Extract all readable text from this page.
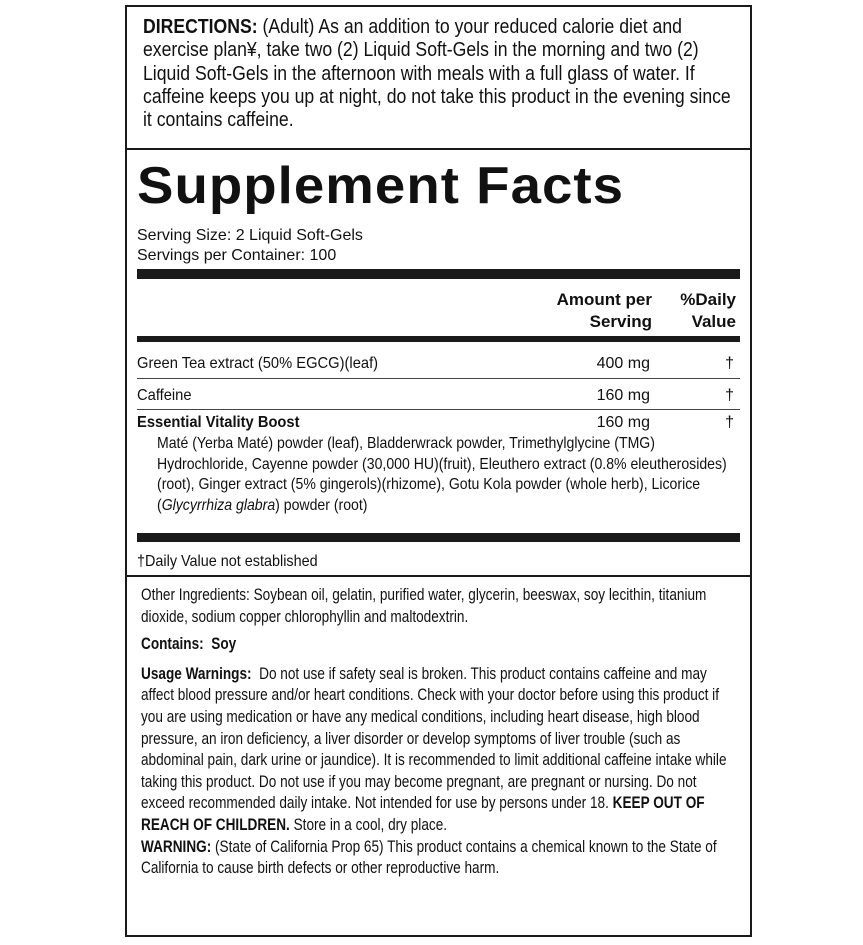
DIRECTIONS: (Adult) As an addition to your reduced calorie diet and exercise plan¥, take two (2) Liquid Soft-Gels in the morning and two (2) Liquid Soft-Gels in the afternoon with meals with a full glass of water. If caffeine keeps you up at night, do not take this product in the evening since it contains caffeine.
Supplement Facts
Serving Size: 2 Liquid Soft-Gels
Servings per Container: 100
Amount per
Serving
%Daily
Value
Green Tea extract (50% EGCG)(leaf)	400 mg	†
Caffeine	160 mg	†
Essential Vitality Boost	160 mg	†
Maté (Yerba Maté) powder (leaf), Bladderwrack powder, Trimethylglycine (TMG) Hydrochloride, Cayenne powder (30,000 HU)(fruit), Eleuthero extract (0.8% eleutherosides)(root), Ginger extract (5% gingerols)(rhizome), Gotu Kola powder (whole herb), Licorice (Glycyrrhiza glabra) powder (root)
†Daily Value not established

Other Ingredients: Soybean oil, gelatin, purified water, glycerin, beeswax, soy lecithin, titanium dioxide, sodium copper chlorophyllin and maltodextrin.

Contains: Soy

Usage Warnings: Do not use if safety seal is broken. This product contains caffeine and may affect blood pressure and/or heart conditions. Check with your doctor before using this product if you are using medication or have any medical conditions, including heart disease, high blood pressure, an iron deficiency, a liver disorder or develop symptoms of liver trouble (such as abdominal pain, dark urine or jaundice). It is recommended to limit additional caffeine intake while taking this product. Do not use if you may become pregnant, are pregnant or nursing. Do not exceed recommended daily intake. Not intended for use by persons under 18. KEEP OUT OF REACH OF CHILDREN. Store in a cool, dry place.

WARNING: (State of California Prop 65) This product contains a chemical known to the State of California to cause birth defects or other reproductive harm.
